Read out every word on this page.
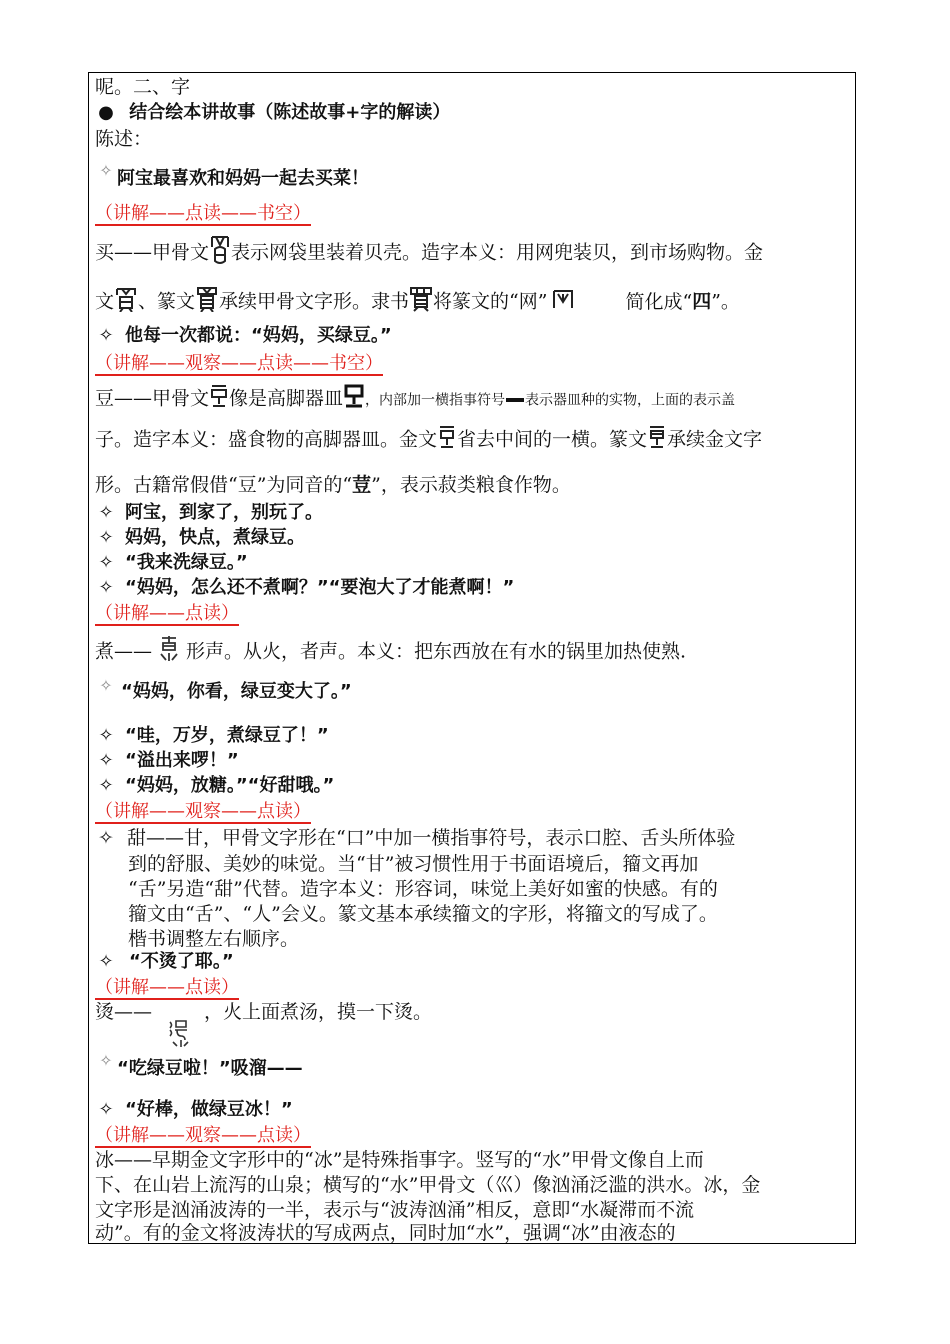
呢。二、字
● 结合绘本讲故事（陈述故事+字的解读）
陈述：
✧ 阿宝最喜欢和妈妈一起去买菜！
（讲解——点读——书空）
买——甲骨文 表示网袋里装着贝壳。造字本义：用网兜装贝，到市场购物。金
文 、篆文 承续甲骨文字形。隶书 将篆文的“网”	简化成“四”。
✧ 他每一次都说：“妈妈，买绿豆。”
（讲解——观察——点读——书空）
豆——甲骨文 像是高脚器皿 ，内部加一横指事符号 表示器皿种的实物，上面的表示盖
子。造字本义：盛食物的高脚器皿。金文 省去中间的一横。篆文 承续金文字
形。古籍常假借“豆”为同音的“荳”，表示菽类粮食作物。
✧ 阿宝，到家了，别玩了。
✧ 妈妈，快点，煮绿豆。
✧ “我来洗绿豆。”
✧ “妈妈，怎么还不煮啊？”“要泡大了才能煮啊！”
（讲解——点读）
煮—— 形声。从火，者声。本义：把东西放在有水的锅里加热使熟.
✧ “妈妈，你看，绿豆变大了。”
✧ “哇，万岁，煮绿豆了！”
✧ “溢出来啰！”
✧ “妈妈，放糖。”“好甜哦。”
（讲解——观察——点读）
✧ 甜——甘，甲骨文字形在“口”中加一横指事符号，表示口腔、舌头所体验
到的舒服、美妙的味觉。当“甘”被习惯性用于书面语境后，籀文再加
“舌”另造“甜”代替。造字本义：形容词，味觉上美好如蜜的快感。有的
籀文由“舌”、“人”会义。篆文基本承续籀文的字形，将籀文的写成了。
楷书调整左右顺序。
✧ “不烫了耶。”
（讲解——点读）
烫——	，火上面煮汤，摸一下烫。
✧ “吃绿豆啦！”吸溜——
✧ “好棒，做绿豆冰！”
（讲解——观察——点读）
冰——早期金文字形中的“冰”是特殊指事字。竖写的“水”甲骨文像自上而
下、在山岩上流泻的山泉；横写的“水”甲骨文（巛）像汹涌泛滥的洪水。冰，金
文字形是汹涌波涛的一半，表示与“波涛汹涌”相反，意即“水凝滞而不流
动”。有的金文将波涛状的写成两点，同时加“水”，强调“冰”由液态的
